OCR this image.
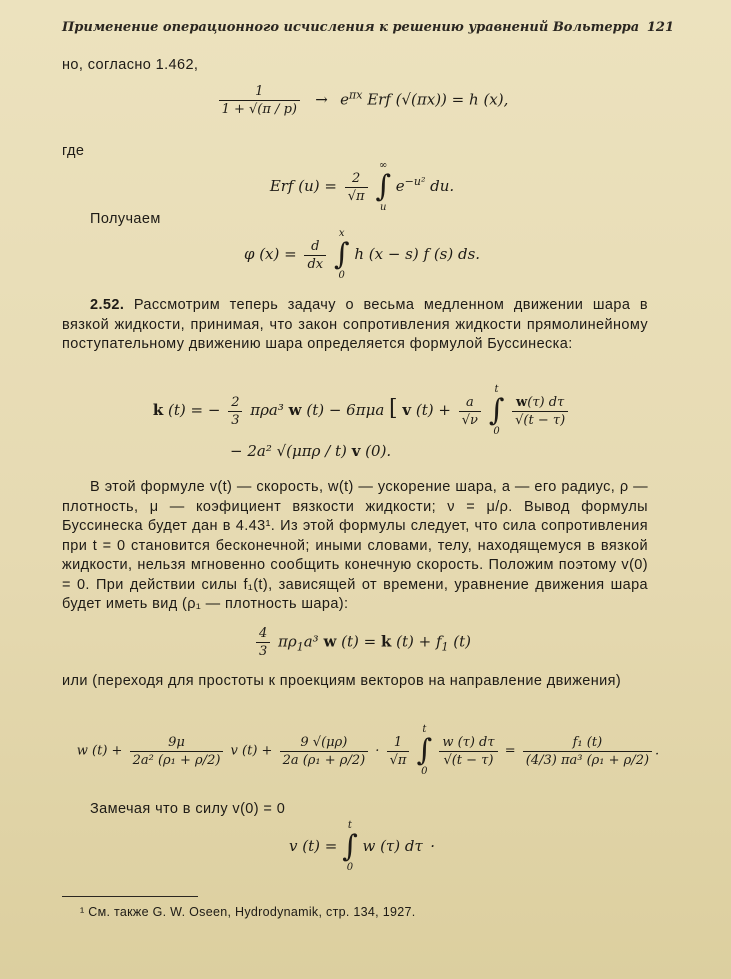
Применение операционного исчисления к решению уравнений Вольтерра 121

но, согласно 1.462,

$\frac{1}{1 + √(\pi / p)}$  →  $e^{\pi x}$ Erf (√(πx)) = h (x),

где

Erf $(u) = \frac{2}{√\pi}$
∞
∫
u $e^{-u^2}$ du.

Получаем

φ $(x) = \frac{d}{dx}$
x
∫
0 h (x − s) f (s) ds.

2.52. Рассмотрим теперь задачу о весьма медленном движении шара в вязкой жидкости, принимая, что закон сопротивления жидкости прямолинейному поступательному движению шара определяется формулой Буссинеска:

k (t) = − $\frac{2}{3} \pi\rho a^3$ w (t) − 6πμa [ v $(t) + \frac{a}{√\nu}$
t
∫
0
$\frac{w(\tau) d\tau}{√(t - \tau)}$
− 2a² √(μπρ / t) v (0).

В этой формуле v(t) — скорость, w(t) — ускорение шара, a — его радиус, ρ — плотность, μ — коэфициент вязкости жидкости; ν = μ/ρ. Вывод формулы Буссинеска будет дан в 4.43¹. Из этой формулы следует, что сила сопротивления при t = 0 становится бесконечной; иными словами, телу, находящемуся в вязкой жидкости, нельзя мгновенно сообщить конечную скорость. Положим поэтому v(0) = 0. При действии силы f₁(t), зависящей от времени, уравнение движения шара будет иметь вид (ρ₁ — плотность шара):

$\frac{4}{3} \pi\rho_1a^3$ w (t) = k $(t) + f_1$ (t)

или (переходя для простоты к проекциям векторов на направление движения)

w $(t) + \frac{9\mu}{\text{2a² (ρ₁ + ρ/2)}}$ v $(t) + \frac{9 √(\mu\rho)}{\text{2a (ρ₁ + ρ/2)}} \cdot \frac{1}{√\pi}$
t
∫
0
$\frac{w (\tau) d\tau}{√(t - \tau)} = \frac{\text{f₁ (t)}}{\text{(4/3) πa³ (ρ₁ + ρ/2)}}$ .

Замечая что в силу v(0) = 0

v (t) = t
∫
0 w (τ) dτ ·
¹ См. также G. W. Oseen, Hydrodynamik, стр. 134, 1927.
